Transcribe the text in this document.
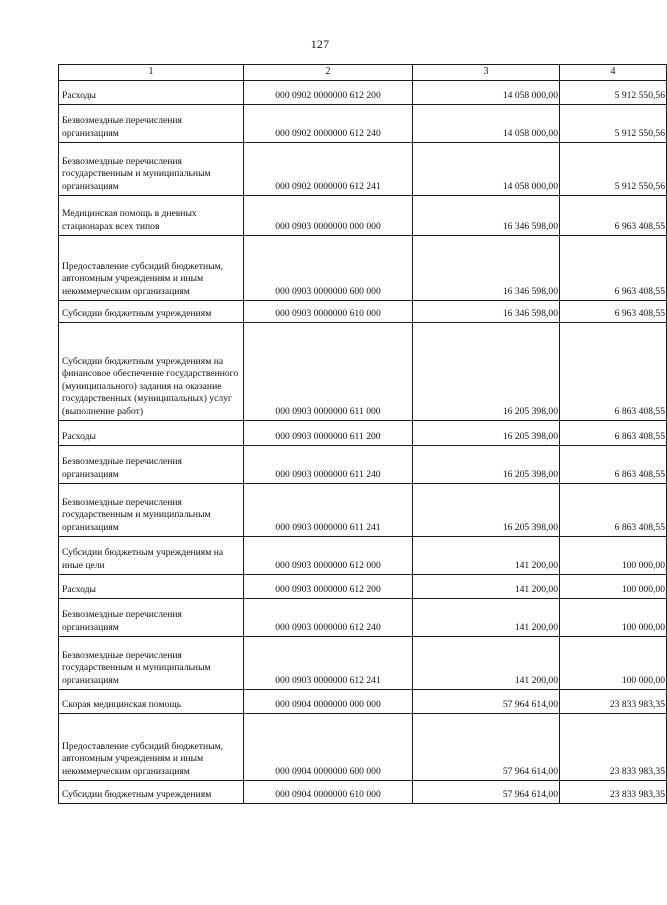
127
1	2	3	4
Расходы	000 0902 0000000 612 200	14 058 000,00	5 912 550,56
Безвозмездные перечисления организациям	000 0902 0000000 612 240	14 058 000,00	5 912 550,56
Безвозмездные перечисления государственным и муниципальным организациям	000 0902 0000000 612 241	14 058 000,00	5 912 550,56
Медицинская помощь в дневных стационарах всех типов	000 0903 0000000 000 000	16 346 598,00	6 963 408,55
Предоставление субсидий бюджетным, автономным учреждениям и иным некоммерческим организациям	000 0903 0000000 600 000	16 346 598,00	6 963 408,55
Субсидии бюджетным учреждениям	000 0903 0000000 610 000	16 346 598,00	6 963 408,55
Субсидии бюджетным учреждениям на финансовое обеспечение государственного (муниципального) задания на оказание государственных (муниципальных) услуг (выполнение работ)	000 0903 0000000 611 000	16 205 398,00	6 863 408,55
Расходы	000 0903 0000000 611 200	16 205 398,00	6 863 408,55
Безвозмездные перечисления организациям	000 0903 0000000 611 240	16 205 398,00	6 863 408,55
Безвозмездные перечисления государственным и муниципальным организациям	000 0903 0000000 611 241	16 205 398,00	6 863 408,55
Субсидии бюджетным учреждениям на иные цели	000 0903 0000000 612 000	141 200,00	100 000,00
Расходы	000 0903 0000000 612 200	141 200,00	100 000,00
Безвозмездные перечисления организациям	000 0903 0000000 612 240	141 200,00	100 000,00
Безвозмездные перечисления государственным и муниципальным организациям	000 0903 0000000 612 241	141 200,00	100 000,00
Скорая медицинская помощь	000 0904 0000000 000 000	57 964 614,00	23 833 983,35
Предоставление субсидий бюджетным, автономным учреждениям и иным некоммерческим организациям	000 0904 0000000 600 000	57 964 614,00	23 833 983,35
Субсидии бюджетным учреждениям	000 0904 0000000 610 000	57 964 614,00	23 833 983,35
